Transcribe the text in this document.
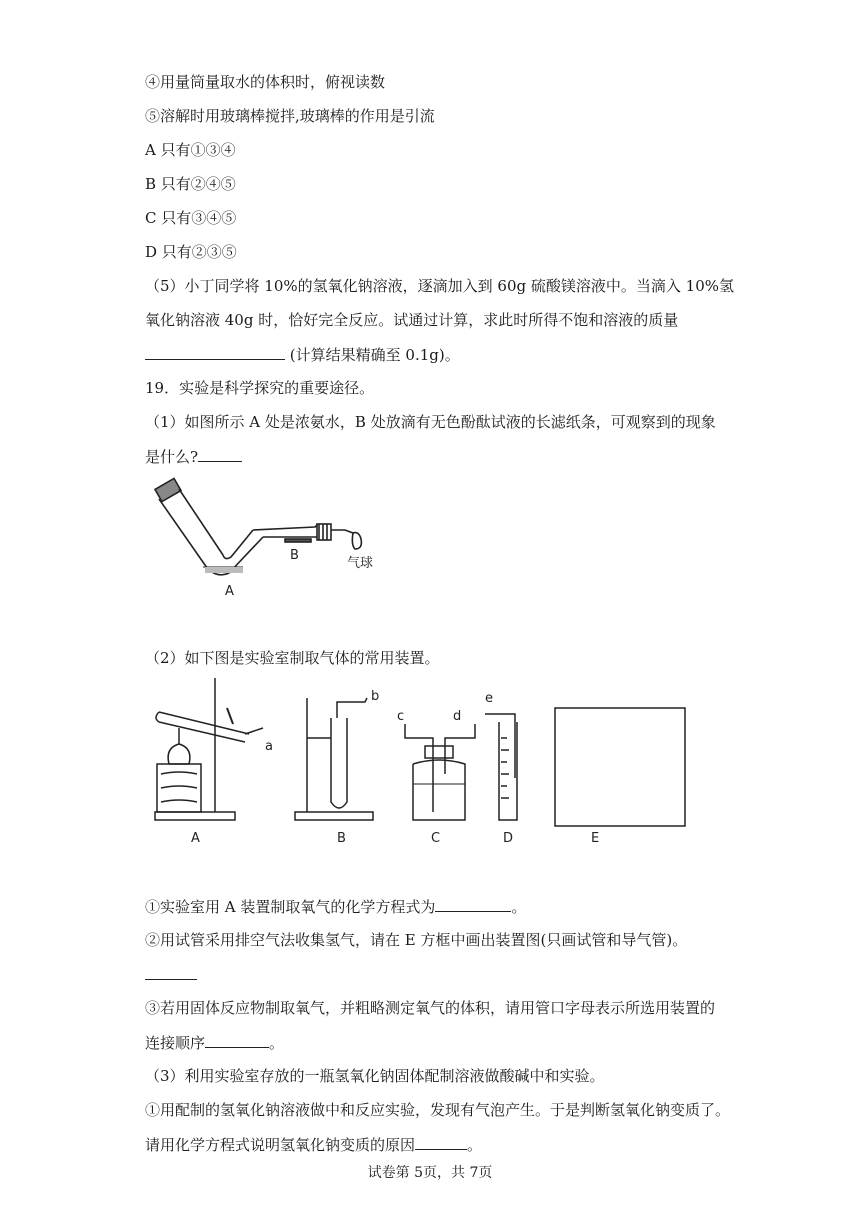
④用量筒量取水的体积时，俯视读数
⑤溶解时用玻璃棒搅拌,玻璃棒的作用是引流
A 只有①③④
B 只有②④⑤
C 只有③④⑤
D 只有②③⑤
（5）小丁同学将 10%的氢氧化钠溶液，逐滴加入到 60g 硫酸镁溶液中。当滴入 10%氢
氧化钠溶液 40g 时，恰好完全反应。试通过计算，求此时所得不饱和溶液的质量
(计算结果精确至 0.1g)。
19．实验是科学探究的重要途径。
（1）如图所示 A 处是浓氨水，B 处放滴有无色酚酞试液的长滤纸条，可观察到的现象
是什么?
B
A
气球
（2）如下图是实验室制取气体的常用装置。
a
b
c	d
e
A	B	C	D	E
①实验室用 A 装置制取氧气的化学方程式为	。
②用试管采用排空气法收集氢气，请在 E 方框中画出装置图(只画试管和导气管)。
③若用固体反应物制取氧气，并粗略测定氧气的体积，请用管口字母表示所选用装置的
连接顺序	。
（3）利用实验室存放的一瓶氢氧化钠固体配制溶液做酸碱中和实验。
①用配制的氢氧化钠溶液做中和反应实验，发现有气泡产生。于是判断氢氧化钠变质了。
请用化学方程式说明氢氧化钠变质的原因	。
试卷第 5页，共 7页
